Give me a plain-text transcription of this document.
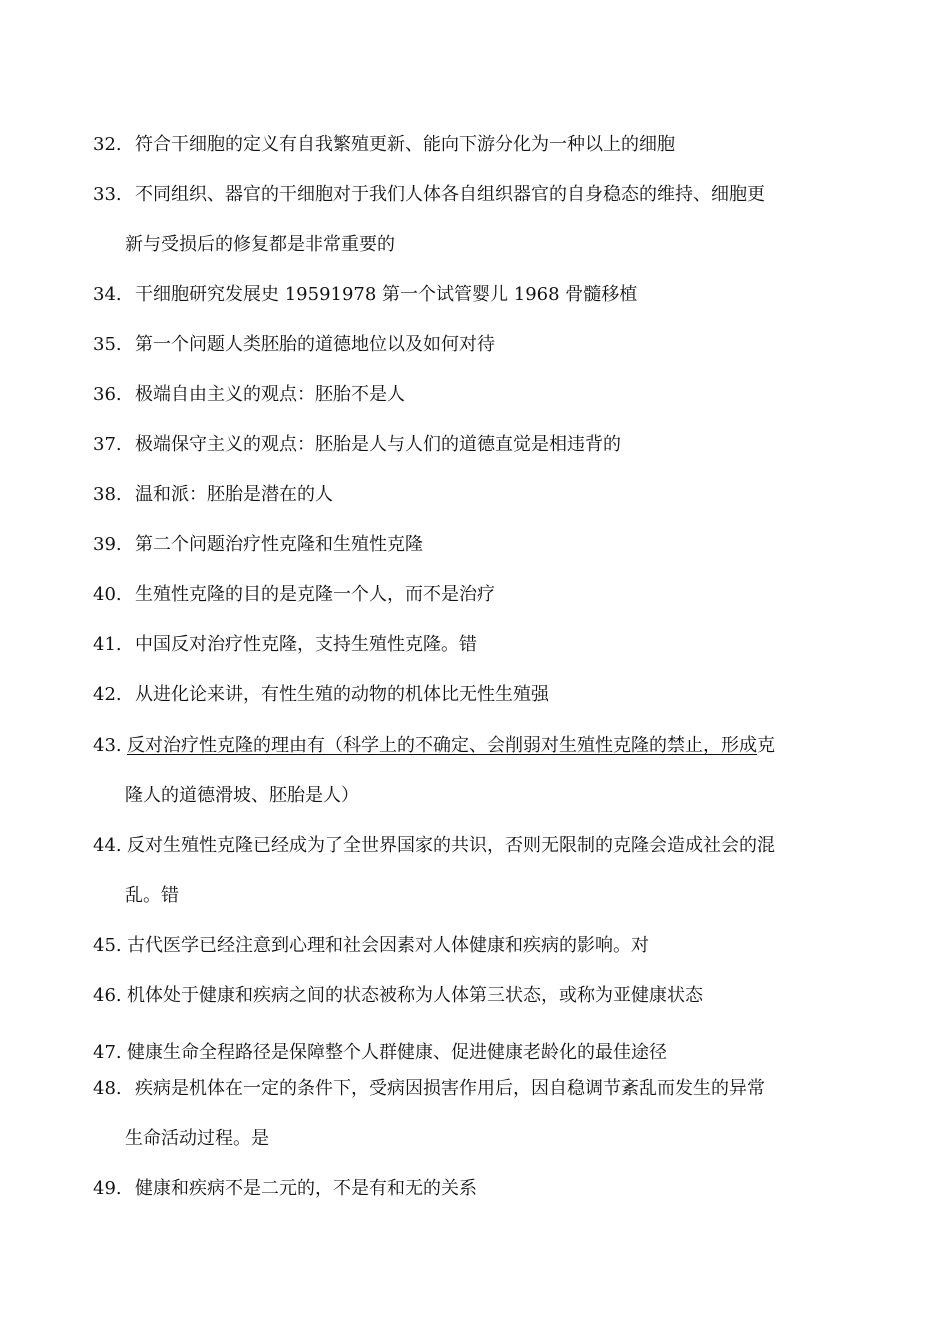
32. 符合干细胞的定义有自我繁殖更新、能向下游分化为一种以上的细胞
33. 不同组织、器官的干细胞对于我们人体各自组织器官的自身稳态的维持、细胞更
新与受损后的修复都是非常重要的
34. 干细胞研究发展史 19591978 第一个试管婴儿 1968 骨髓移植
35. 第一个问题人类胚胎的道德地位以及如何对待
36. 极端自由主义的观点：胚胎不是人
37. 极端保守主义的观点：胚胎是人与人们的道德直觉是相违背的
38. 温和派：胚胎是潜在的人
39. 第二个问题治疗性克隆和生殖性克隆
40. 生殖性克隆的目的是克隆一个人，而不是治疗
41. 中国反对治疗性克隆，支持生殖性克隆。错
42. 从进化论来讲，有性生殖的动物的机体比无性生殖强
43. 反对治疗性克隆的理由有（科学上的不确定、会削弱对生殖性克隆的禁止，形成克
隆人的道德滑坡、胚胎是人）
44. 反对生殖性克隆已经成为了全世界国家的共识，否则无限制的克隆会造成社会的混
乱。错
45. 古代医学已经注意到心理和社会因素对人体健康和疾病的影响。对
46. 机体处于健康和疾病之间的状态被称为人体第三状态，或称为亚健康状态
47. 健康生命全程路径是保障整个人群健康、促进健康老龄化的最佳途径
48. 疾病是机体在一定的条件下，受病因损害作用后，因自稳调节紊乱而发生的异常
生命活动过程。是
49. 健康和疾病不是二元的，不是有和无的关系
